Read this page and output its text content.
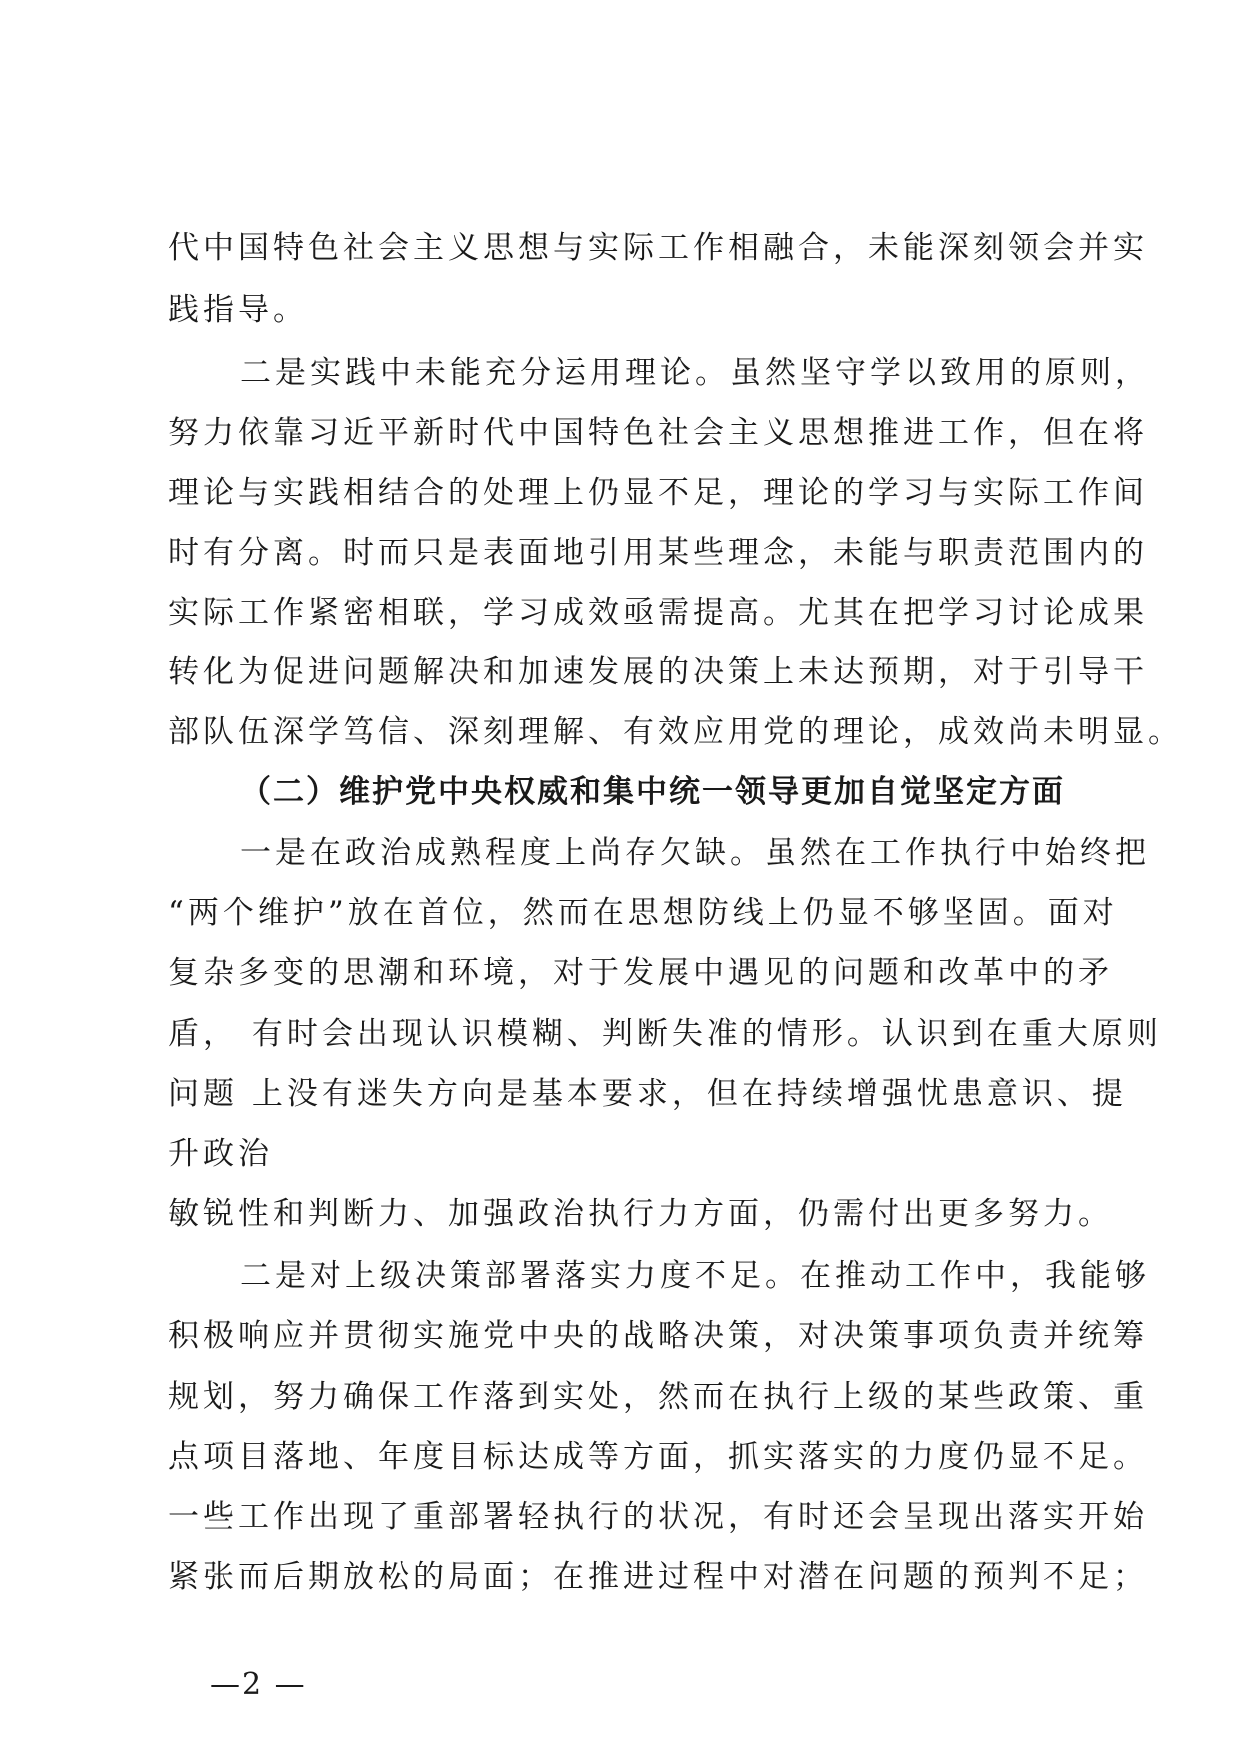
代中国特色社会主义思想与实际工作相融合，未能深刻领会并实
践指导。
二是实践中未能充分运用理论。虽然坚守学以致用的原则，
努力依靠习近平新时代中国特色社会主义思想推进工作，但在将
理论与实践相结合的处理上仍显不足，理论的学习与实际工作间
时有分离。时而只是表面地引用某些理念，未能与职责范围内的
实际工作紧密相联，学习成效亟需提高。尤其在把学习讨论成果
转化为促进问题解决和加速发展的决策上未达预期，对于引导干
部队伍深学笃信、深刻理解、有效应用党的理论，成效尚未明显。
（二）维护党中央权威和集中统一领导更加自觉坚定方面
一是在政治成熟程度上尚存欠缺。虽然在工作执行中始终把
“两个维护”放在首位，然而在思想防线上仍显不够坚固。面对
复杂多变的思潮和环境，对于发展中遇见的问题和改革中的矛
盾， 有时会出现认识模糊、判断失准的情形。认识到在重大原则
问题 上没有迷失方向是基本要求，但在持续增强忧患意识、提
升政治
敏锐性和判断力、加强政治执行力方面，仍需付出更多努力。
二是对上级决策部署落实力度不足。在推动工作中，我能够
积极响应并贯彻实施党中央的战略决策，对决策事项负责并统筹
规划，努力确保工作落到实处，然而在执行上级的某些政策、重
点项目落地、年度目标达成等方面，抓实落实的力度仍显不足。
一些工作出现了重部署轻执行的状况，有时还会呈现出落实开始
紧张而后期放松的局面；在推进过程中对潜在问题的预判不足；
—2 —
